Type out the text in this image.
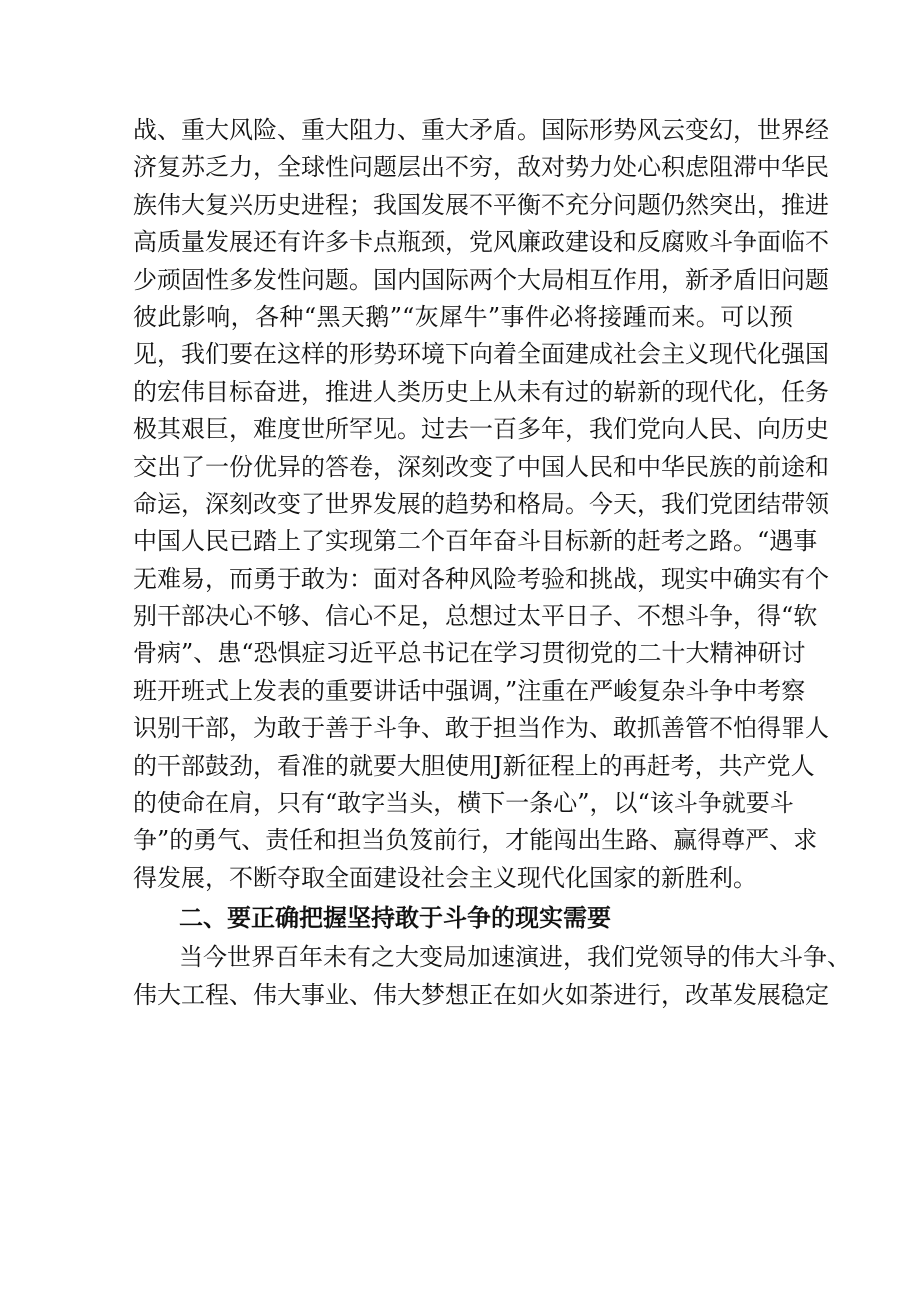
战、重大风险、重大阻力、重大矛盾。国际形势风云变幻，世界经
济复苏乏力，全球性问题层出不穷，敌对势力处心积虑阻滞中华民
族伟大复兴历史进程；我国发展不平衡不充分问题仍然突出，推进
高质量发展还有许多卡点瓶颈，党风廉政建设和反腐败斗争面临不
少顽固性多发性问题。国内国际两个大局相互作用，新矛盾旧问题
彼此影响，各种“黑天鹅”“灰犀牛”事件必将接踵而来。可以预
见，我们要在这样的形势环境下向着全面建成社会主义现代化强国
的宏伟目标奋进，推进人类历史上从未有过的崭新的现代化，任务
极其艰巨，难度世所罕见。过去一百多年，我们党向人民、向历史
交出了一份优异的答卷，深刻改变了中国人民和中华民族的前途和
命运，深刻改变了世界发展的趋势和格局。今天，我们党团结带领
中国人民已踏上了实现第二个百年奋斗目标新的赶考之路。“遇事
无难易，而勇于敢为：面对各种风险考验和挑战，现实中确实有个
别干部决心不够、信心不足，总想过太平日子、不想斗争，得“软
骨病”、患“恐惧症习近平总书记在学习贯彻党的二十大精神研讨
班开班式上发表的重要讲话中强调，”注重在严峻复杂斗争中考察
识别干部，为敢于善于斗争、敢于担当作为、敢抓善管不怕得罪人
的干部鼓劲，看准的就要大胆使用J新征程上的再赶考，共产党人
的使命在肩，只有“敢字当头，横下一条心”，以“该斗争就要斗
争”的勇气、责任和担当负笈前行，才能闯出生路、赢得尊严、求
得发展，不断夺取全面建设社会主义现代化国家的新胜利。
二、要正确把握坚持敢于斗争的现实需要
当今世界百年未有之大变局加速演进，我们党领导的伟大斗争、
伟大工程、伟大事业、伟大梦想正在如火如荼进行，改革发展稳定
